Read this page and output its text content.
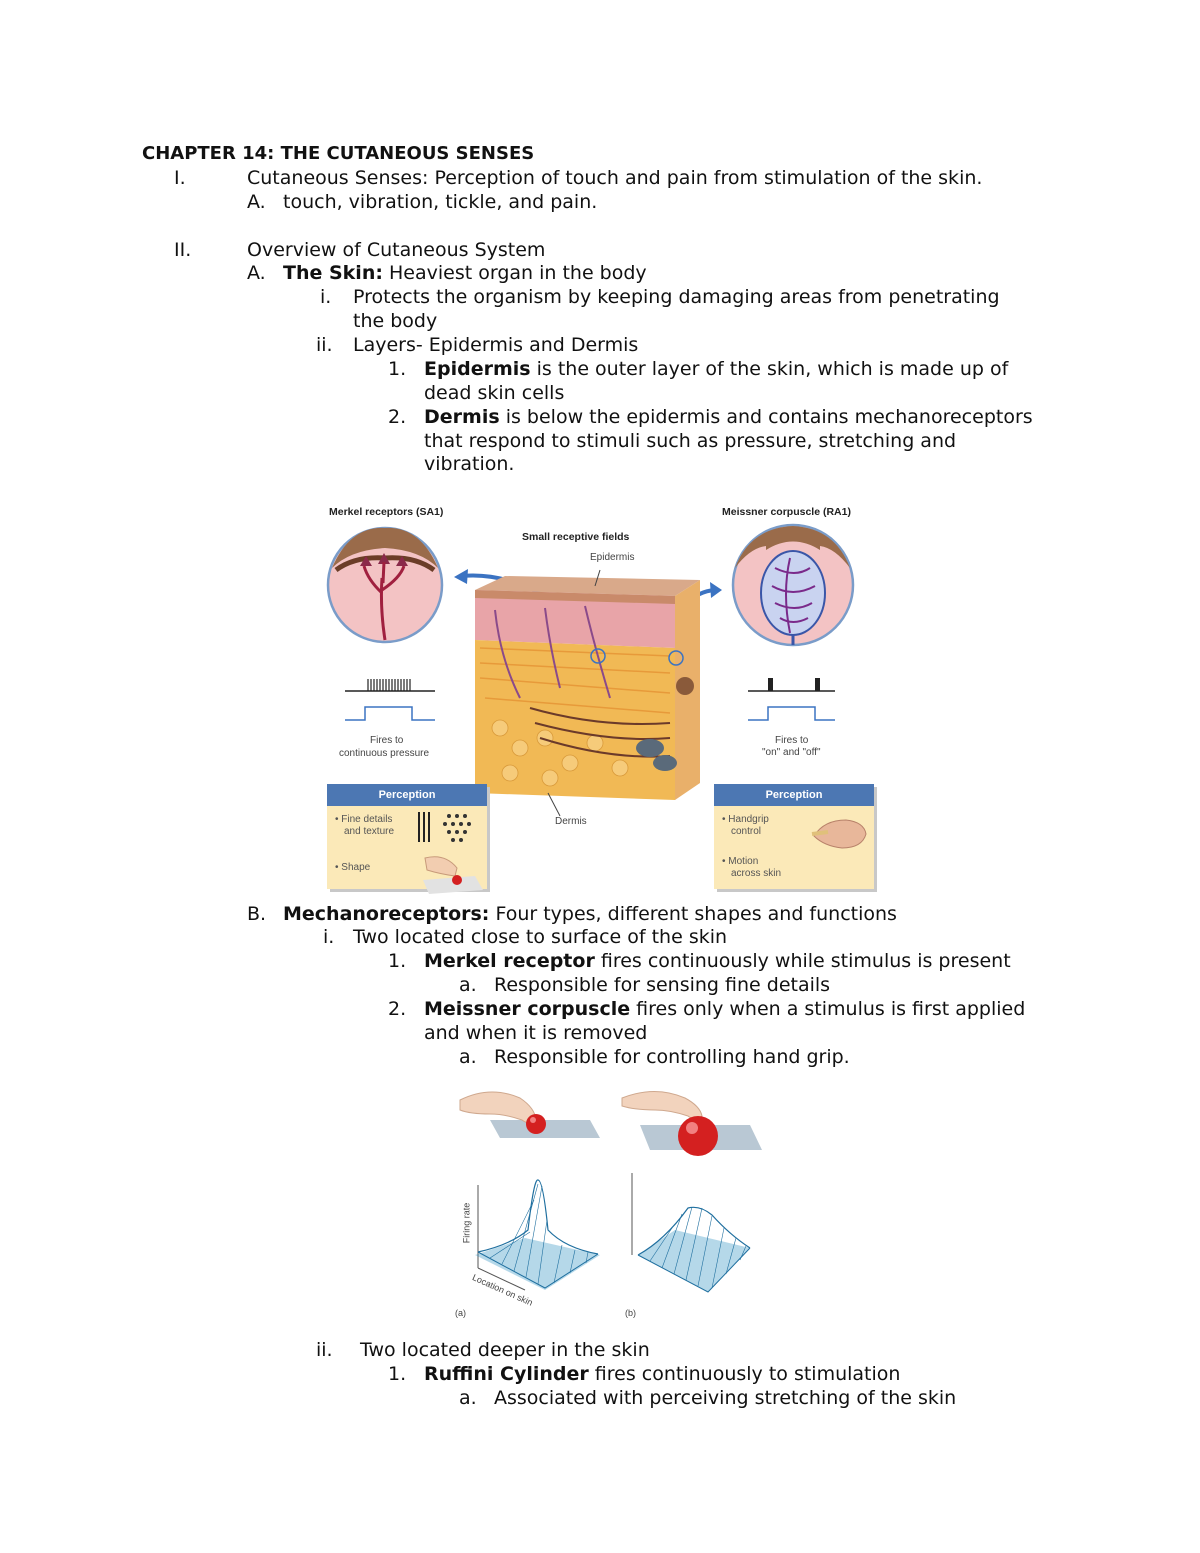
CHAPTER 14: THE CUTANEOUS SENSES
I.	Cutaneous Senses: Perception of touch and pain from stimulation of the skin.
A. touch, vibration, tickle, and pain.
II.	Overview of Cutaneous System
A. The Skin: Heaviest organ in the body
i. Protects the organism by keeping damaging areas from penetrating
the body
ii. Layers- Epidermis and Dermis
1. Epidermis is the outer layer of the skin, which is made up of
dead skin cells
2. Dermis is below the epidermis and contains mechanoreceptors
that respond to stimuli such as pressure, stretching and
vibration.
Merkel receptors (SA1)	Meissner corpuscle (RA1)
Small receptive fields
Epidermis
Dermis
Fires to
continuous pressure
Fires to
"on" and "off"
Perception
• Fine details
and texture
• Shape
Perception
• Handgrip
control
• Motion
across skin
B. Mechanoreceptors: Four types, different shapes and functions
i. Two located close to surface of the skin
1. Merkel receptor fires continuously while stimulus is present
a. Responsible for sensing fine details
2. Meissner corpuscle fires only when a stimulus is first applied
and when it is removed
a. Responsible for controlling hand grip.
Firing rate
Location on skin
(a)	(b)
ii. Two located deeper in the skin
1. Ruffini Cylinder fires continuously to stimulation
a. Associated with perceiving stretching of the skin
